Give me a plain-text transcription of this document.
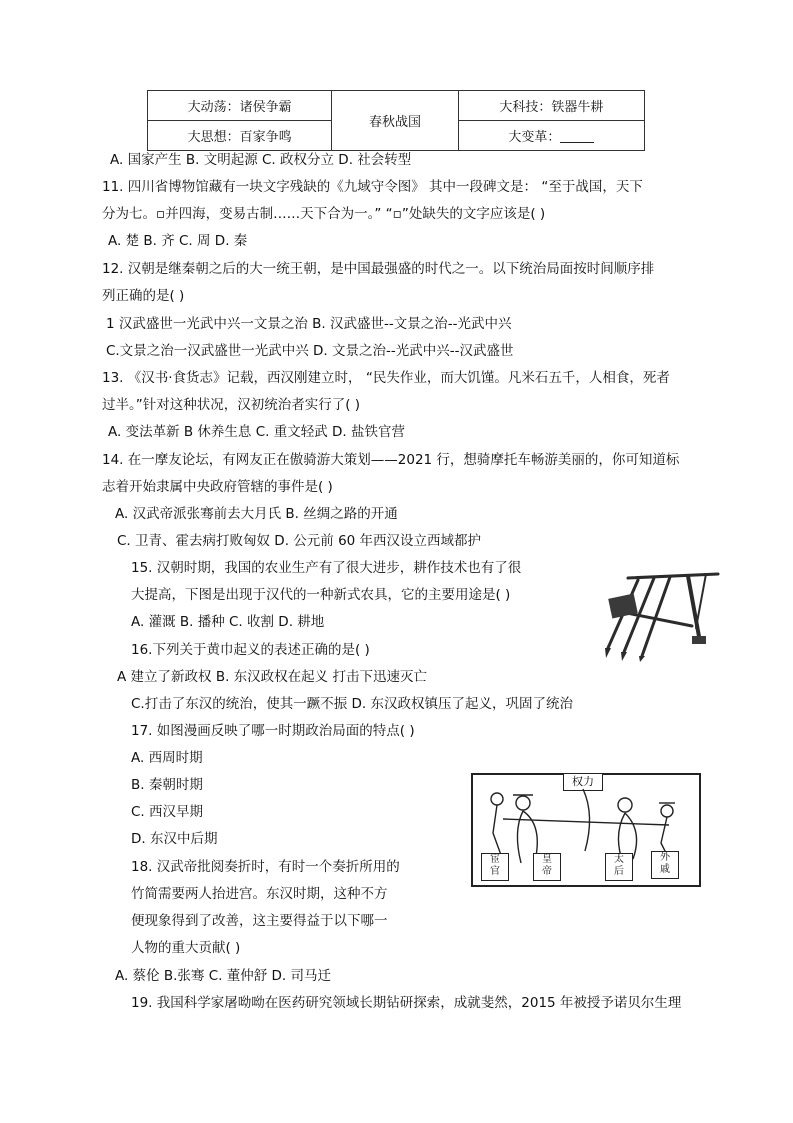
大动荡：诸侯争霸	春秋战国	大科技：铁器牛耕
大思想：百家争鸣		大变革：
A. 国家产生 B. 文明起源 C. 政权分立 D. 社会转型
11. 四川省博物馆藏有一块文字残缺的《九域守令图》 其中一段碑文是： “至于战国，天下
分为七。▫并四海，变易古制……天下合为一。” “▫”处缺失的文字应该是( )
A. 楚 B. 齐 C. 周 D. 秦
12. 汉朝是继秦朝之后的大一统王朝，是中国最强盛的时代之一。以下统治局面按时间顺序排
列正确的是( )
1 汉武盛世一光武中兴一文景之治 B. 汉武盛世--文景之治--光武中兴
C.文景之治一汉武盛世一光武中兴 D. 文景之治--光武中兴--汉武盛世
13. 《汉书·食货志》记载，西汉刚建立时， “民失作业，而大饥馑。凡米石五千，人相食，死者
过半。”针对这种状况，汉初统治者实行了( )
A. 变法革新 B 休养生息 C. 重文轻武 D. 盐铁官营
14. 在一摩友论坛，有网友正在傲骑游大策划——2021 行，想骑摩托车畅游美丽的，你可知道标
志着开始隶属中央政府管辖的事件是( )
A. 汉武帝派张骞前去大月氏 B. 丝绸之路的开通
C. 卫青、霍去病打败匈奴 D. 公元前 60 年西汉设立西域都护
15. 汉朝时期，我国的农业生产有了很大进步，耕作技术也有了很
大提高，下图是出现于汉代的一种新式农具，它的主要用途是( )
A. 灌溉 B. 播种 C. 收割 D. 耕地
16.下列关于黄巾起义的表述正确的是( )
A 建立了新政权 B. 东汉政权在起义 打击下迅速灭亡
C.打击了东汉的统治，使其一蹶不振 D. 东汉政权镇压了起义，巩固了统治
17. 如图漫画反映了哪一时期政治局面的特点( )
A. 西周时期
B. 秦朝时期
C. 西汉早期
D. 东汉中后期
权力
宦
官
皇
帝
太
后
外
戚
18. 汉武帝批阅奏折时，有时一个奏折所用的
竹简需要两人抬进宫。东汉时期，这种不方
便现象得到了改善，这主要得益于以下哪一
人物的重大贡献( )
A. 蔡伦 B.张骞 C. 董仲舒 D. 司马迁
19. 我国科学家屠呦呦在医药研究领域长期钻研探索，成就斐然，2015 年被授予诺贝尔生理
